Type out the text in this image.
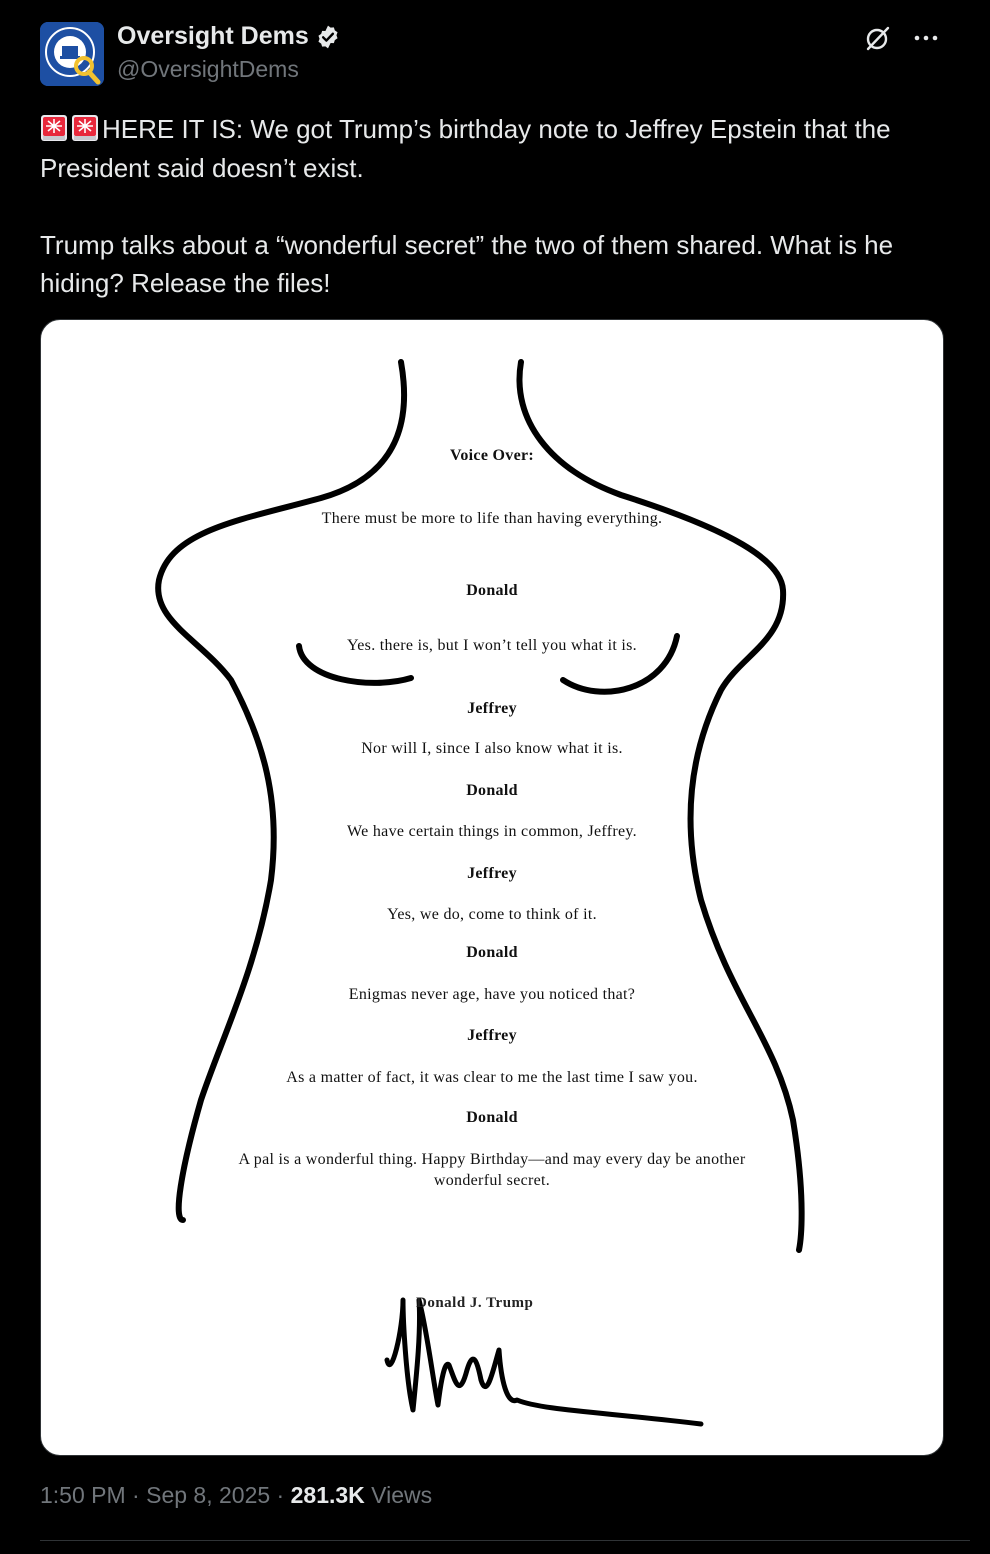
Oversight Dems
@OversightDems

HERE IT IS: We got Trump’s birthday note to Jeffrey Epstein that the President said doesn’t exist.

Trump talks about a “wonderful secret” the two of them shared. What is he hiding? Release the files!

Voice Over:
There must be more to life than having everything.
Donald
Yes. there is, but I won’t tell you what it is.
Jeffrey
Nor will I, since I also know what it is.
Donald
We have certain things in common, Jeffrey.
Jeffrey
Yes, we do, come to think of it.
Donald
Enigmas never age, have you noticed that?
Jeffrey
As a matter of fact, it was clear to me the last time I saw you.
Donald
A pal is a wonderful thing. Happy Birthday—and may every day be another
wonderful secret.
Donald J. Trump
1:50 PM · Sep 8, 2025 · 281.3K Views
